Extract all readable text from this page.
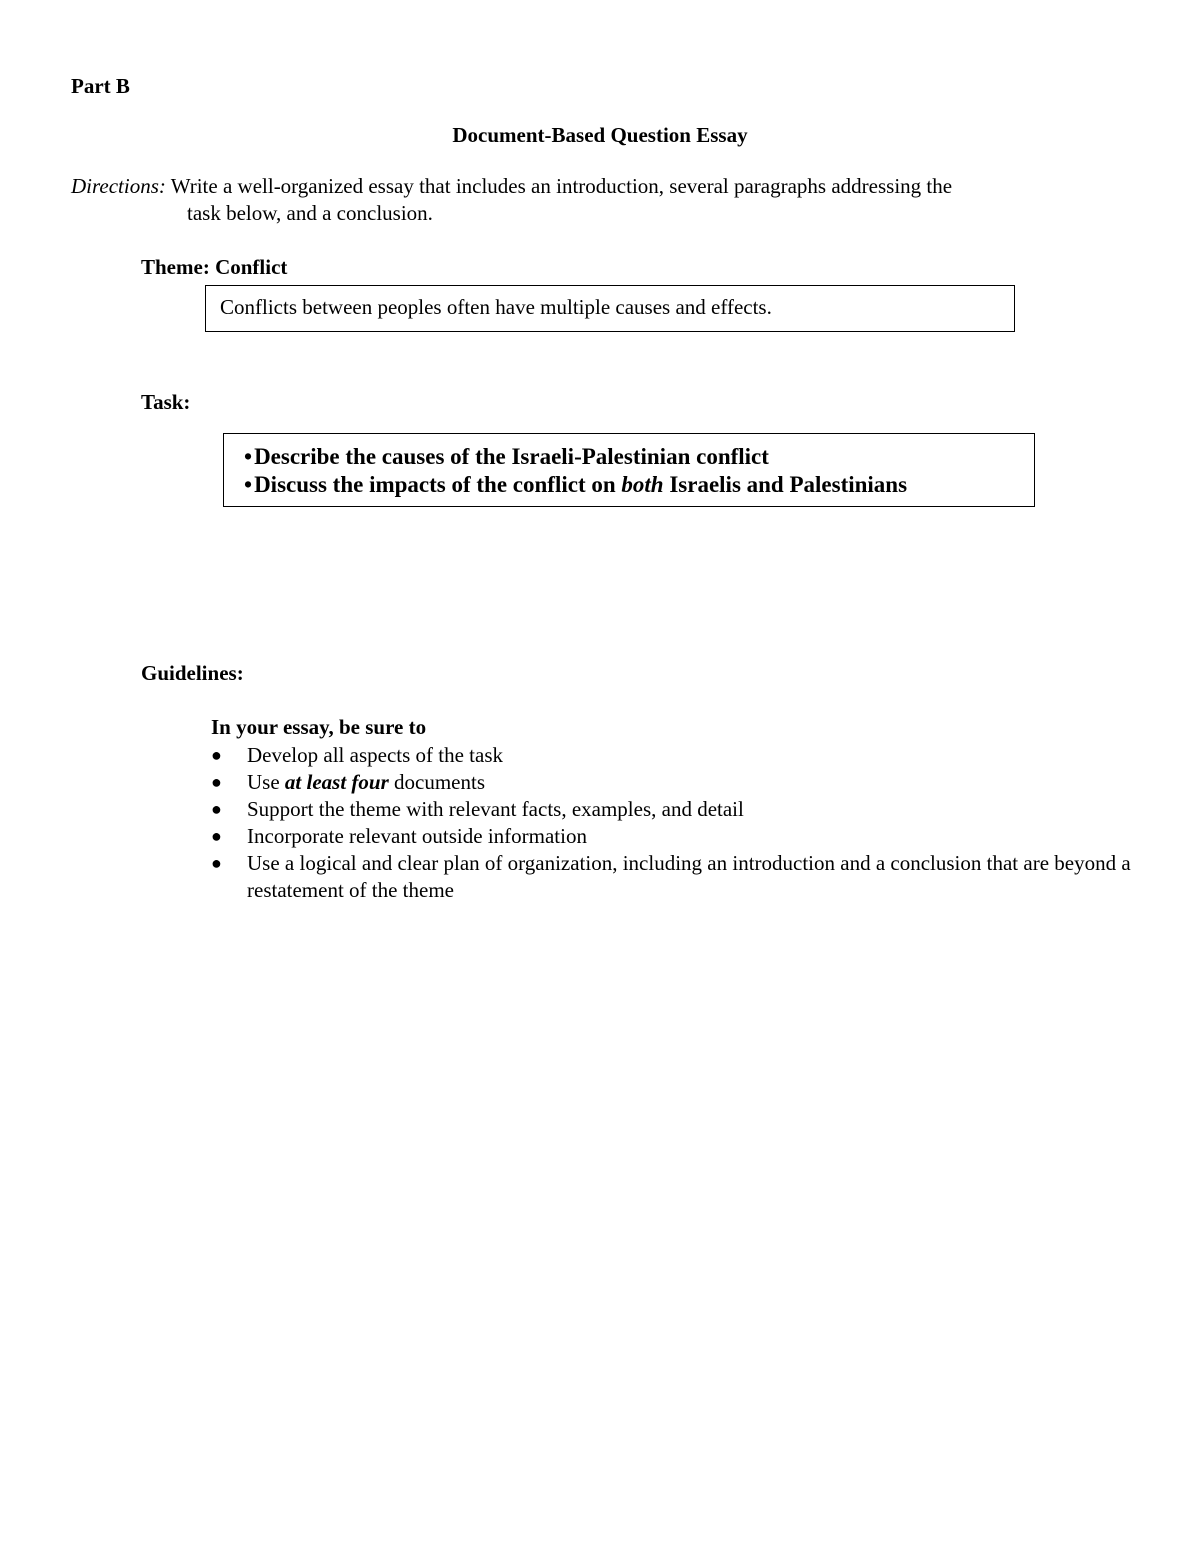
Part B
Document-Based Question Essay
Directions: Write a well-organized essay that includes an introduction, several paragraphs addressing the
task below, and a conclusion.
Theme: Conflict
Conflicts between peoples often have multiple causes and effects.
Task:
•Describe the causes of the Israeli-Palestinian conflict
•Discuss the impacts of the conflict on both Israelis and Palestinians
Guidelines:
In your essay, be sure to
● Develop all aspects of the task
● Use at least four documents
● Support the theme with relevant facts, examples, and detail
● Incorporate relevant outside information
● Use a logical and clear plan of organization, including an introduction and a conclusion that are beyond a restatement of the theme
